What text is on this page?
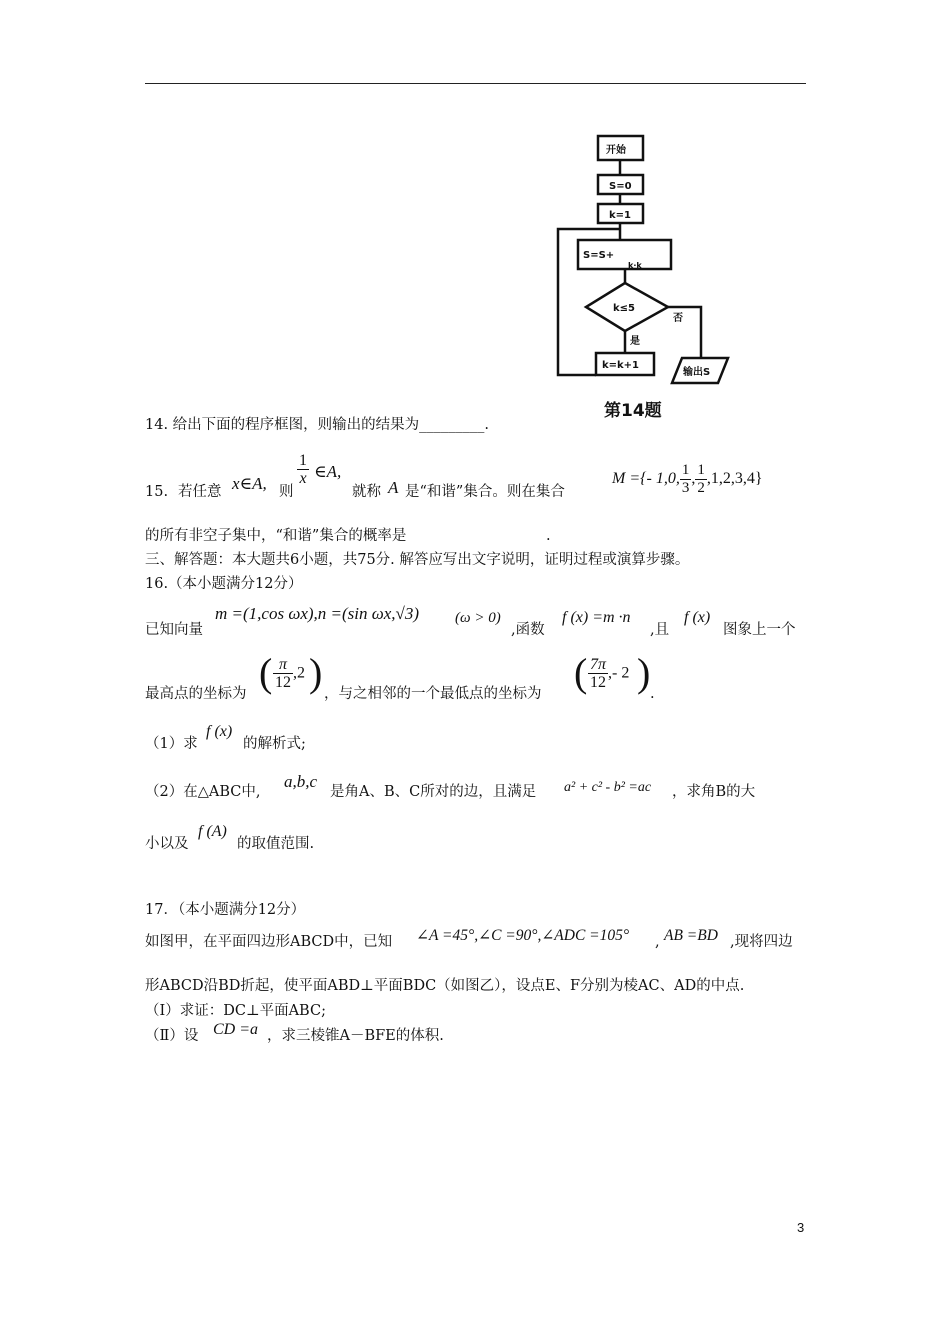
开始
S=0
k=1
S=S+
k·k
k≤5
是
否
k=k+1
输出S
第14题
14. 给出下面的程序框图，则输出的结果为_________.
15. 若任意 x∈A, 则
$\frac{1}{x}$ ∈A,
就称 A 是“和谐”集合。则在集合
M ={- 1,0, $\frac{1}{3}$ , $\frac{1}{2} ,1,2,3,4$}
的所有非空子集中，“和谐”集合的概率是	.
三、解答题：本大题共6小题，共75分. 解答应写出文字说明，证明过程或演算步骤。
16.（本小题满分12分）
已知向量
m =(1,cos ωx),n =(sin ωx,√3) (ω > 0)
,函数
f (x) =m ·n
,且
f (x)
图象上一个
最高点的坐标为 ( $\frac{\pi}{12} ,2$ ) ，与之相邻的一个最低点的坐标为 ( $\frac{7\pi}{12}$ ,- 2 ) .
（1）求
f (x)
的解析式;
（2）在△ABC中,
a,b,c
是角A、B、C所对的边，且满足 a² + c² - b² =ac ，求角B的大
小以及
f (A)
的取值范围.
17．（本小题满分12分）
如图甲，在平面四边形ABCD中，已知 ∠A =45°,∠C =90°,∠ADC =105° , AB =BD ,现将四边
形ABCD沿BD折起，使平面ABD⊥平面BDC（如图乙），设点E、F分别为棱AC、AD的中点.
（Ⅰ）求证：DC⊥平面ABC;
（Ⅱ）设 CD =a ，求三棱锥A－BFE的体积.
3
